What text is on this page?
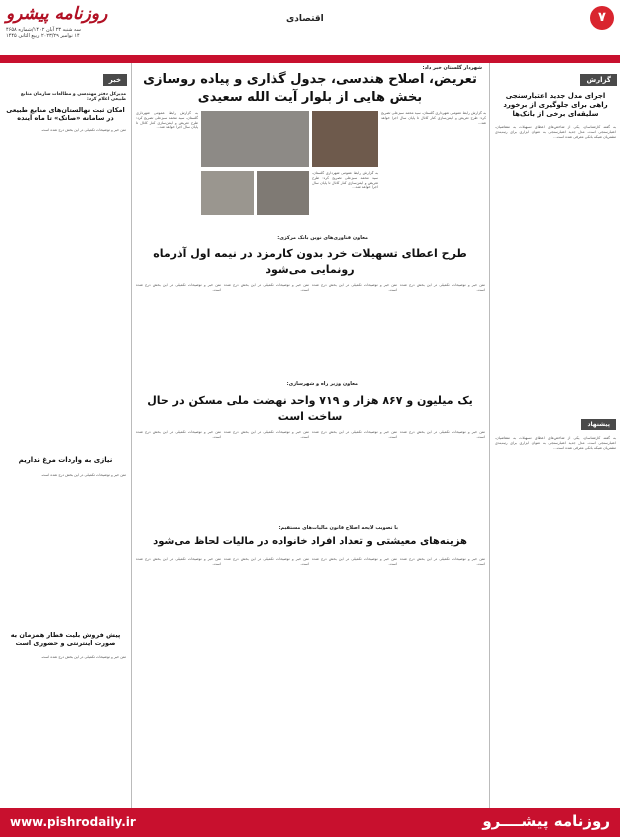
روزنامه پیشرو
سه شنبه ۲۳ آبان ۱۴۰۲/شماره ۴۶۵۸
۱۴ نوامبر ۲۰۲۳/۲۹ ربیع الثانی ۱۴۴۵
اقتصادی	۷
گزارش
اجرای مدل جدید اعتبارسنجی راهی برای جلوگیری از برخورد سلیقه‌ای برخی از بانک‌ها
به گفته کارشناسان، یکی از شاخص‌های اعطای تسهیلات به متقاضیان، اعتبارسنجی است. مدل جدید اعتبارسنجی به عنوان ابزاری برای رتبه‌بندی مشتریان شبکه بانکی معرفی شده است...
پیشنهاد
به گفته کارشناسان، یکی از شاخص‌های اعطای تسهیلات به متقاضیان، اعتبارسنجی است. مدل جدید اعتبارسنجی به عنوان ابزاری برای رتبه‌بندی مشتریان شبکه بانکی معرفی شده است...
شهردار گلستان خبر داد:
تعریض، اصلاح هندسی، جدول گذاری و پیاده روسازی بخش هایی از بلوار آیت الله سعیدی
به گزارش رابط عمومی شهرداری گلستان، سید محمد سبزعلی تصریح کرد: طرح تعریض و ایمن‌سازی کنار کانال تا پایان سال اجرا خواهد شد...
به گزارش رابط عمومی شهرداری گلستان، سید محمد سبزعلی تصریح کرد: طرح تعریض و ایمن‌سازی کنار کانال تا پایان سال اجرا خواهد شد...
به گزارش رابط عمومی شهرداری گلستان، سید محمد سبزعلی تصریح کرد: طرح تعریض و ایمن‌سازی کنار کانال تا پایان سال اجرا خواهد شد...
معاون فناوری‌های نوین بانک مرکزی:
طرح اعطای تسهیلات خرد بدون کارمزد در نیمه اول آذرماه رونمایی می‌شود
متن خبر و توضیحات تکمیلی در این بخش درج شده است.
متن خبر و توضیحات تکمیلی در این بخش درج شده است.
متن خبر و توضیحات تکمیلی در این بخش درج شده است.
متن خبر و توضیحات تکمیلی در این بخش درج شده است.
معاون وزیر راه و شهرسازی:
یک میلیون و ۸۶۷ هزار و ۷۱۹ واحد نهضت ملی مسکن در حال ساخت است
متن خبر و توضیحات تکمیلی در این بخش درج شده است.
متن خبر و توضیحات تکمیلی در این بخش درج شده است.
متن خبر و توضیحات تکمیلی در این بخش درج شده است.
متن خبر و توضیحات تکمیلی در این بخش درج شده است.
با تصویب لایحه اصلاح قانون مالیات‌های مستقیم:
هزینه‌های معیشتی و تعداد افراد خانواده در مالیات لحاظ می‌شود
متن خبر و توضیحات تکمیلی در این بخش درج شده است.
متن خبر و توضیحات تکمیلی در این بخش درج شده است.
متن خبر و توضیحات تکمیلی در این بخش درج شده است.
متن خبر و توضیحات تکمیلی در این بخش درج شده است.
خبر
مدیرکل دفتر مهندسی و مطالعات سازمان منابع طبیعی اعلام کرد:
امکان ثبت نهالستان‌های منابع طبیعی در سامانه «صاتک» تا ماه آینده
متن خبر و توضیحات تکمیلی در این بخش درج شده است.
نیازی به واردات مرغ نداریم
متن خبر و توضیحات تکمیلی در این بخش درج شده است.
پیش فروش بلیت قطار همزمان به صورت اینترنتی و حضوری است
متن خبر و توضیحات تکمیلی در این بخش درج شده است.
روزنامه پیشــــرو
www.pishrodaily.ir
